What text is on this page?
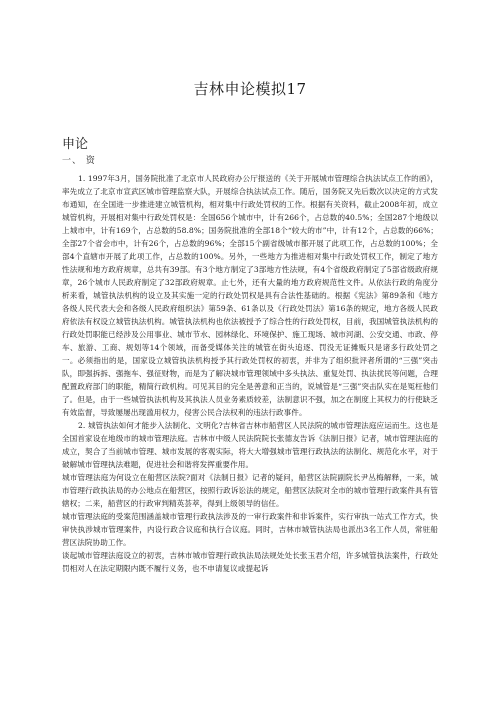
吉林申论模拟17
申论
一、 资

1. 1997年3月，国务院批准了北京市人民政府办公厅报送的《关于开展城市管理综合执法试点工作的函》，率先成立了北京市宣武区城市管理监察大队，开展综合执法试点工作。随后，国务院又先后数次以决定的方式发布通知，在全国进一步推进建立城管机构，相对集中行政处罚权的工作。根据有关资料，截止2008年初，成立城管机构，开展相对集中行政处罚权是：全国656个城市中，计有266个，占总数的40.5%；全国287个地级以上城市中，计有169个，占总数的58.8%；国务院批准的全部18个“较大的市”中，计有12个，占总数的66%；全部27个省会市中，计有26个，占总数的96%；全部15个副省级城市都开展了此项工作，占总数的100%；全部4个直辖市开展了此项工作，占总数的100%。另外，一些地方为推进相对集中行政处罚权工作，制定了地方性法规和地方政府规章，总共有39部。有3个地方制定了3部地方性法规，有4个省级政府制定了5部省级政府规章，26个城市人民政府制定了32部政府规章。止七外，还有大量的地方政府规范性文件。从依法行政的角度分析来看，城管执法机构的设立及其实施一定的行政处罚权是具有合法性基础的。根据《宪法》第89条和《地方各级人民代表大会和各级人民政府组织法》第59条、61条以及《行政处罚法》第16条的规定，地方各级人民政府依法有权设立城管执法机构。城管执法机构也依法被授予了综合性的行政处罚权，目前，我国城管执法机构的行政处罚职能已经涉及公用事业、城市节水、园林绿化、环境保护、施工现场、城市河湖、公安交通、市政、停车、旅游、工商、规划等14个领域，而备受媒体关注的城管在街头追逐、罚没无证摊贩只是诸多行政处罚之一。必须指出的是，国家设立城管执法机构授予其行政处罚权的初衷，并非为了组织批评者所谓的“三强”突击队，即强拆拆、强拖车、强征财物，而是为了解决城市管理领域中多头执法、重复处罚、执法扰民等问题，合理配置政府部门的职能，精简行政机构。可见其目的完全是善意和正当的，说城管是“三强”突击队实在是冤枉他们了。但是，由于一些城管执法机构及其执法人员业务素质较差，法制意识不强，加之在制度上其权力的行使缺乏有效监督，导致屡屡出现滥用权力，侵害公民合法权利的违法行政事件。

2. 城管执法如何才能步入法制化、文明化?吉林省吉林市船营区人民法院的城市管理法庭应运而生。这也是全国首家设在地级市的城市管理法庭。吉林市中级人民法院院长张德友告诉《法制日报》记者，城市管理法庭的成立，契合了当前城市管理、城市发展的客观实际，将大大增强城市管理行政执法的法制化、规范化水平，对于破解城市管理执法难题，促进社会和谐将发挥重要作用。

城市管理法庭为何设立在船营区法院?面对《法制日报》记者的疑问，船营区法院副院长尹丛梅解释，一来，城市管理行政执法局的办公地点在船营区，按照行政诉讼法的规定，船营区法院对全市的城市管理行政案件具有管辖权；二来，船营区的行政审判精英荟萃，得到上级领导的信任。

城市管理法庭的受案范围涵盖城市管理行政执法涉及的一审行政案件和非诉案件，实行审执一站式工作方式，快审快执涉城市管理案件，内设行政合议庭和执行合议庭。同时，吉林市城管执法局也派出3名工作人员，常驻船营区法院协助工作。

谈起城市管理法庭设立的初衷，吉林市城市管理行政执法局法规处处长张玉君介绍，许多城管执法案件，行政处罚相对人在法定期限内既不履行义务，也不申请复议或提起诉
